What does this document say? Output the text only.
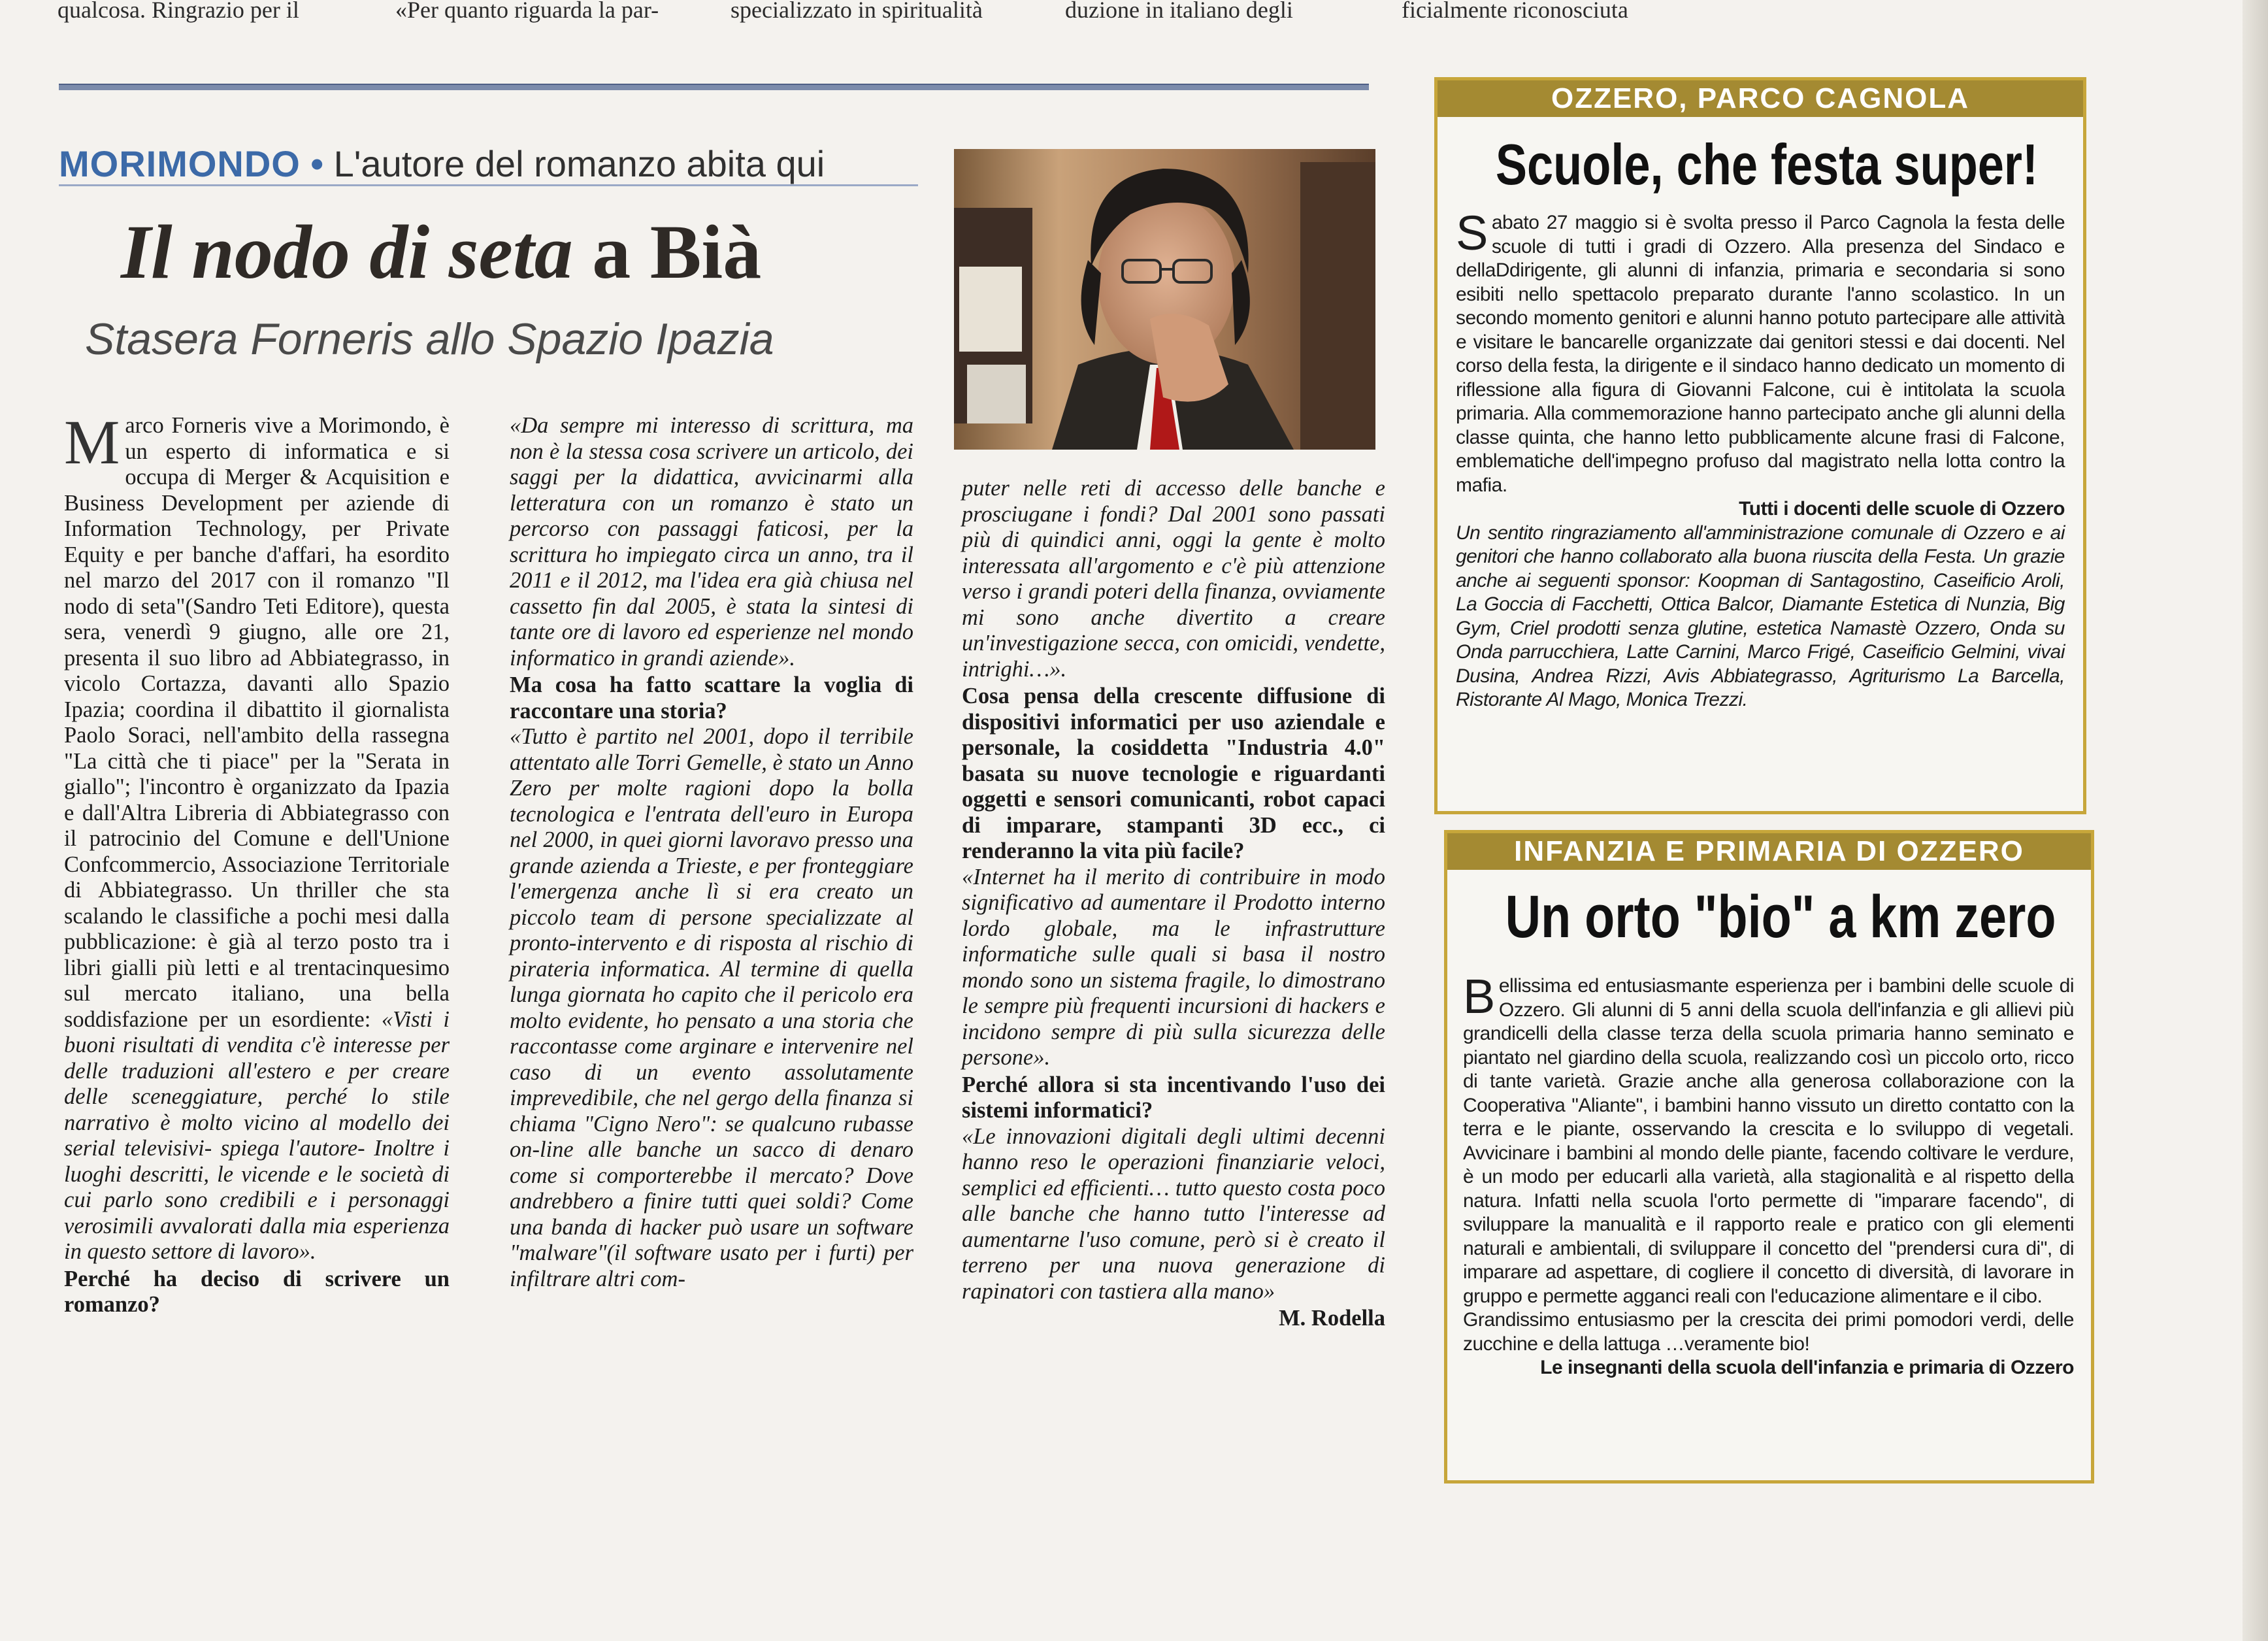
qualcosa. Ringrazio per il	«Per quanto riguarda la par-	specializzato in spiritualità	duzione in italiano degli	ficialmente riconosciuta
MORIMONDO • L'autore del romanzo abita qui
Il nodo di seta a Bià
Stasera Forneris allo Spazio Ipazia

Marco Forneris vive a Morimondo, è un esperto di informatica e si occupa di Merger & Acquisition e Business Development per aziende di Information Technology, per Private Equity e per banche d'affari, ha esordito nel marzo del 2017 con il romanzo "Il nodo di seta"(Sandro Teti Editore), questa sera, venerdì 9 giugno, alle ore 21, presenta il suo libro ad Abbiategrasso, in vicolo Cortazza, davanti allo Spazio Ipazia; coordina il dibattito il giornalista Paolo Soraci, nell'ambito della rassegna "La città che ti piace" per la "Serata in giallo"; l'incontro è organizzato da Ipazia e dall'Altra Libreria di Abbiategrasso con il patrocinio del Comune e dell'Unione Confcommercio, Associazione Territoriale di Abbiategrasso. Un thriller che sta scalando le classifiche a pochi mesi dalla pubblicazione: è già al terzo posto tra i libri gialli più letti e al trentacinquesimo sul mercato italiano, una bella soddisfazione per un esordiente: «Visti i buoni risultati di vendita c'è interesse per delle traduzioni all'estero e per creare delle sceneggiature, perché lo stile narrativo è molto vicino al modello dei serial televisivi- spiega l'autore- Inoltre i luoghi descritti, le vicende e le società di cui parlo sono credibili e i personaggi verosimili avvalorati dalla mia esperienza in questo settore di lavoro».

Perché ha deciso di scrivere un romanzo?

«Da sempre mi interesso di scrittura, ma non è la stessa cosa scrivere un articolo, dei saggi per la didattica, avvicinarmi alla letteratura con un romanzo è stato un percorso con passaggi faticosi, per la scrittura ho impiegato circa un anno, tra il 2011 e il 2012, ma l'idea era già chiusa nel cassetto fin dal 2005, è stata la sintesi di tante ore di lavoro ed esperienze nel mondo informatico in grandi aziende».

Ma cosa ha fatto scattare la voglia di raccontare una storia?

«Tutto è partito nel 2001, dopo il terribile attentato alle Torri Gemelle, è stato un Anno Zero per molte ragioni dopo la bolla tecnologica e l'entrata dell'euro in Europa nel 2000, in quei giorni lavoravo presso una grande azienda a Trieste, e per fronteggiare l'emergenza anche lì si era creato un piccolo team di persone specializzate al pronto-intervento e di risposta al rischio di pirateria informatica. Al termine di quella lunga giornata ho capito che il pericolo era molto evidente, ho pensato a una storia che raccontasse come arginare e intervenire nel caso di un evento assolutamente imprevedibile, che nel gergo della finanza si chiama "Cigno Nero": se qualcuno rubasse on-line alle banche un sacco di denaro come si comporterebbe il mercato? Dove andrebbero a finire tutti quei soldi? Come una banda di hacker può usare un software "malware"(il software usato per i furti) per infiltrare altri com-

puter nelle reti di accesso delle banche e prosciugane i fondi? Dal 2001 sono passati più di quindici anni, oggi la gente è molto interessata all'argomento e c'è più attenzione verso i grandi poteri della finanza, ovviamente mi sono anche divertito a creare un'investigazione secca, con omicidi, vendette, intrighi…».

Cosa pensa della crescente diffusione di dispositivi informatici per uso aziendale e personale, la cosiddetta "Industria 4.0" basata su nuove tecnologie e riguardanti oggetti e sensori comunicanti, robot capaci di imparare, stampanti 3D ecc., ci renderanno la vita più facile?

«Internet ha il merito di contribuire in modo significativo ad aumentare il Prodotto interno lordo globale, ma le infrastrutture informatiche sulle quali si basa il nostro mondo sono un sistema fragile, lo dimostrano le sempre più frequenti incursioni di hackers e incidono sempre di più sulla sicurezza delle persone».

Perché allora si sta incentivando l'uso dei sistemi informatici?

«Le innovazioni digitali degli ultimi decenni hanno reso le operazioni finanziarie veloci, semplici ed efficienti… tutto questo costa poco alle banche che hanno tutto l'interesse ad aumentarne l'uso comune, però si è creato il terreno per una nuova generazione di rapinatori con tastiera alla mano»

M. Rodella

OZZERO, PARCO CAGNOLA
Scuole, che festa super!

Sabato 27 maggio si è svolta presso il Parco Cagnola la festa delle scuole di tutti i gradi di Ozzero. Alla presenza del Sindaco e dellaDdirigente, gli alunni di infanzia, primaria e secondaria si sono esibiti nello spettacolo preparato durante l'anno scolastico. In un secondo momento genitori e alunni hanno potuto partecipare alle attività e visitare le bancarelle organizzate dai genitori stessi e dai docenti. Nel corso della festa, la dirigente e il sindaco hanno dedicato un momento di riflessione alla figura di Giovanni Falcone, cui è intitolata la scuola primaria. Alla commemorazione hanno partecipato anche gli alunni della classe quinta, che hanno letto pubblicamente alcune frasi di Falcone, emblematiche dell'impegno profuso dal magistrato nella lotta contro la mafia.

Tutti i docenti delle scuole di Ozzero

Un sentito ringraziamento all'amministrazione comunale di Ozzero e ai genitori che hanno collaborato alla buona riuscita della Festa. Un grazie anche ai seguenti sponsor: Koopman di Santagostino, Caseificio Aroli, La Goccia di Facchetti, Ottica Balcor, Diamante Estetica di Nunzia, Big Gym, Criel prodotti senza glutine, estetica Namastè Ozzero, Onda su Onda parrucchiera, Latte Carnini, Marco Frigé, Caseificio Gelmini, vivai Dusina, Andrea Rizzi, Avis Abbiategrasso, Agriturismo La Barcella, Ristorante Al Mago, Monica Trezzi.

INFANZIA E PRIMARIA DI OZZERO
Un orto "bio" a km zero

Bellissima ed entusiasmante esperienza per i bambini delle scuole di Ozzero. Gli alunni di 5 anni della scuola dell'infanzia e gli allievi più grandicelli della classe terza della scuola primaria hanno seminato e piantato nel giardino della scuola, realizzando così un piccolo orto, ricco di tante varietà. Grazie anche alla generosa collaborazione con la Cooperativa "Aliante", i bambini hanno vissuto un diretto contatto con la terra e le piante, osservando la crescita e lo sviluppo di vegetali. Avvicinare i bambini al mondo delle piante, facendo coltivare le verdure, è un modo per educarli alla varietà, alla stagionalità e al rispetto della natura. Infatti nella scuola l'orto permette di "imparare facendo", di sviluppare la manualità e il rapporto reale e pratico con gli elementi naturali e ambientali, di sviluppare il concetto del "prendersi cura di", di imparare ad aspettare, di cogliere il concetto di diversità, di lavorare in gruppo e permette agganci reali con l'educazione alimentare e il cibo.

Grandissimo entusiasmo per la crescita dei primi pomodori verdi, delle zucchine e della lattuga …veramente bio!

Le insegnanti della scuola dell'infanzia e primaria di Ozzero
